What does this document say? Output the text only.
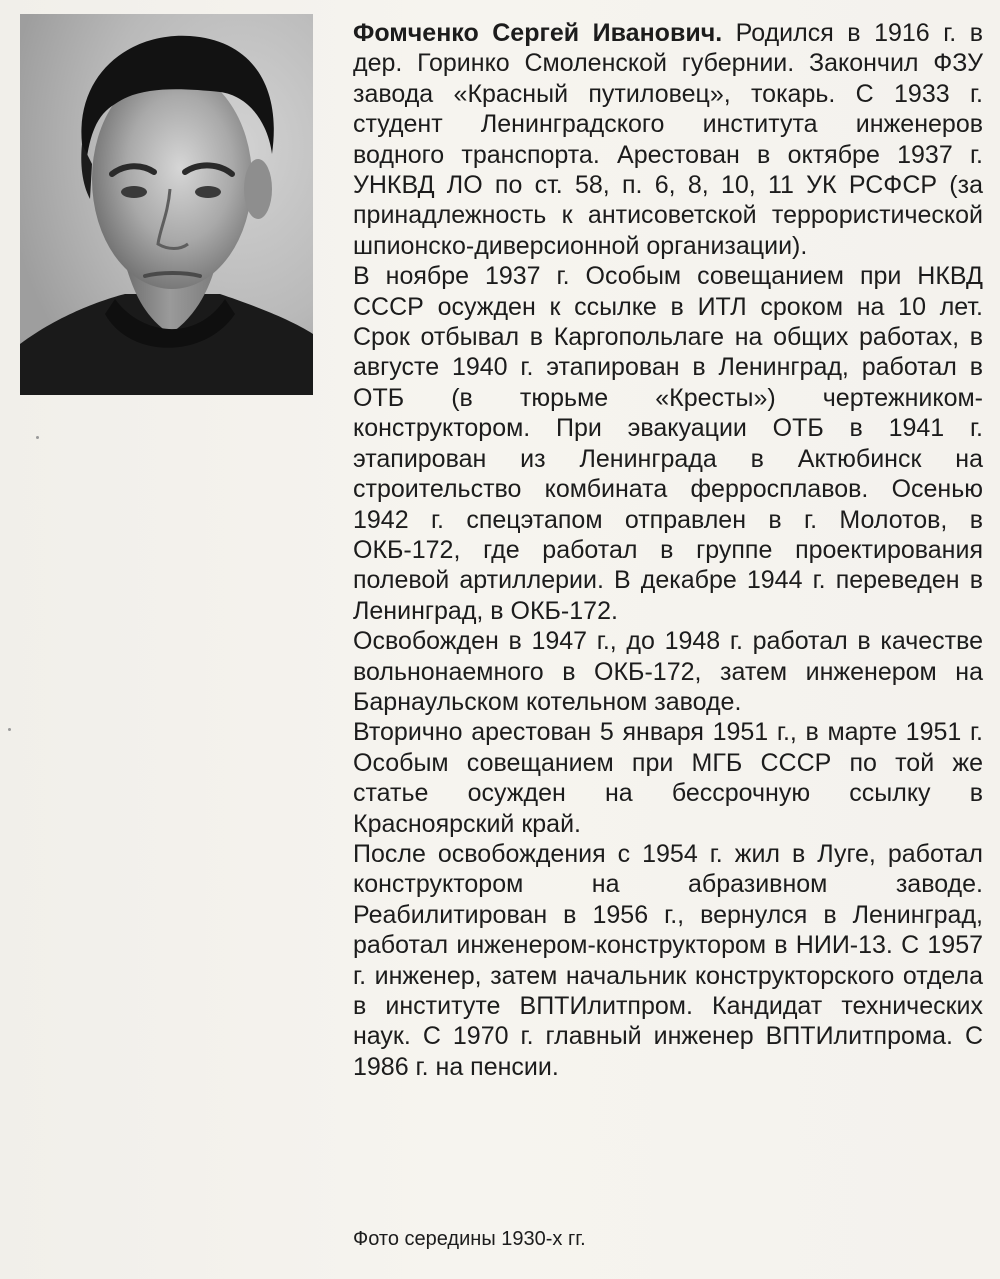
Фомченко Сергей Иванович. Родился в 1916 г. в дер. Горинко Смоленской губернии. Закончил ФЗУ завода «Красный путиловец», токарь. С 1933 г. студент Ленинградского института инженеров водного транспорта. Арестован в октябре 1937 г. УНКВД ЛО по ст. 58, п. 6, 8, 10, 11 УК РСФСР (за принадлежность к антисоветской террористической шпионско-диверсионной организации).

В ноябре 1937 г. Особым совещанием при НКВД СССР осужден к ссылке в ИТЛ сроком на 10 лет. Срок отбывал в Каргопольлаге на общих работах, в августе 1940 г. этапирован в Ленинград, работал в ОТБ (в тюрьме «Кресты») чертежником-конструктором. При эвакуации ОТБ в 1941 г. этапирован из Ленинграда в Актюбинск на строительство комбината ферросплавов. Осенью 1942 г. спецэтапом отправлен в г. Молотов, в ОКБ-172, где работал в группе проектирования полевой артиллерии. В декабре 1944 г. переведен в Ленинград, в ОКБ-172.

Освобожден в 1947 г., до 1948 г. работал в качестве вольнонаемного в ОКБ-172, затем инженером на Барнаульском котельном заводе.

Вторично арестован 5 января 1951 г., в марте 1951 г. Особым совещанием при МГБ СССР по той же статье осужден на бессрочную ссылку в Красноярский край.

После освобождения с 1954 г. жил в Луге, работал конструктором на абразивном заводе. Реабилитирован в 1956 г., вернулся в Ленинград, работал инженером-конструктором в НИИ-13. С 1957 г. инженер, затем начальник конструкторского отдела в институте ВПТИлитпром. Кандидат технических наук. С 1970 г. главный инженер ВПТИлитпрома. С 1986 г. на пенсии.

Фото середины 1930-х гг.
